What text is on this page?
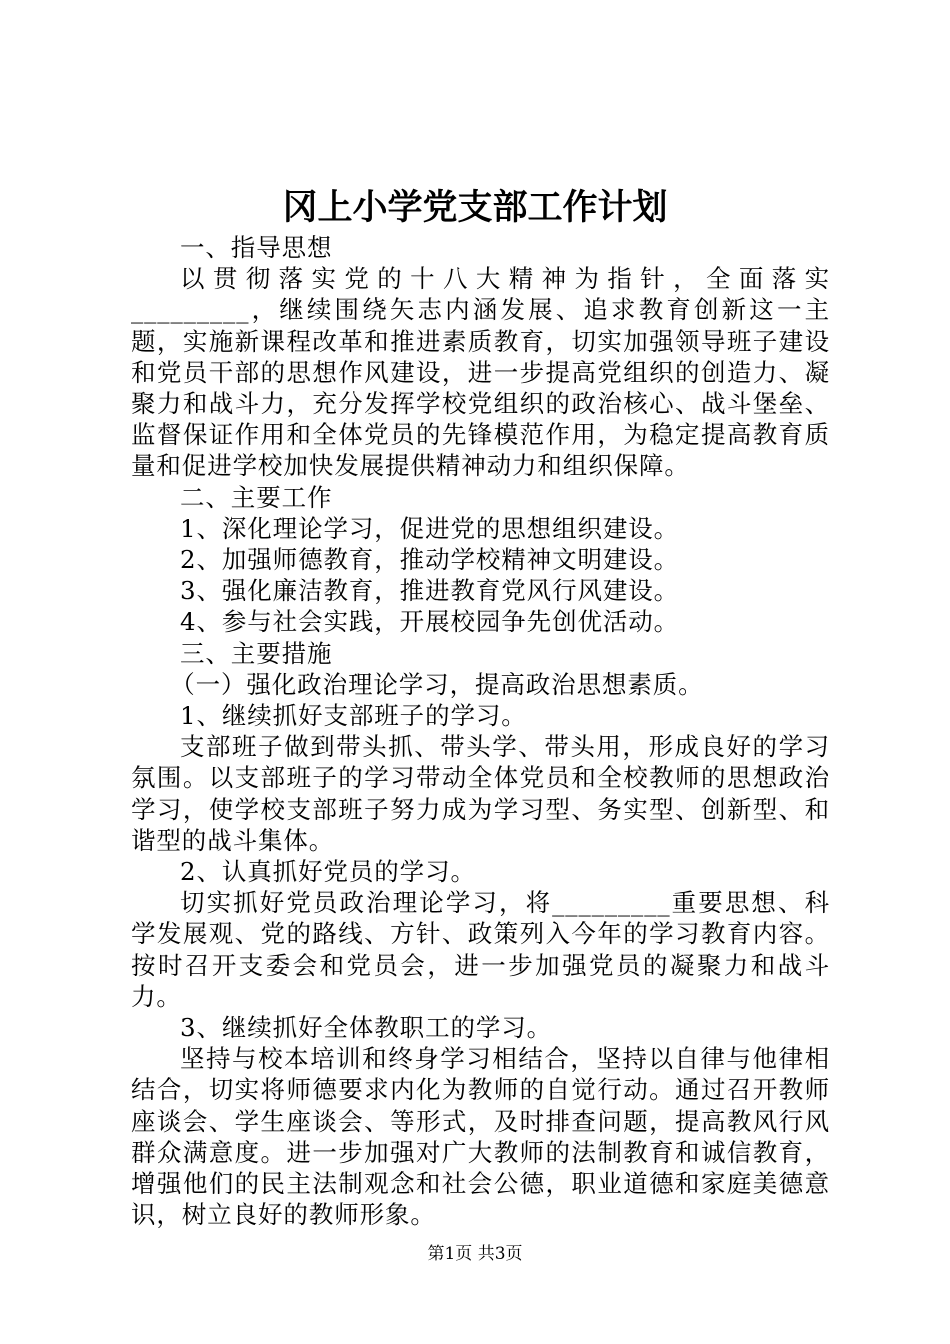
冈上小学党支部工作计划

一、指导思想

以贯彻落实党的十八大精神为指针，全面落实_________，继续围绕矢志内涵发展、追求教育创新这一主题，实施新课程改革和推进素质教育，切实加强领导班子建设和党员干部的思想作风建设，进一步提高党组织的创造力、凝聚力和战斗力，充分发挥学校党组织的政治核心、战斗堡垒、监督保证作用和全体党员的先锋模范作用，为稳定提高教育质量和促进学校加快发展提供精神动力和组织保障。

二、主要工作

1、深化理论学习，促进党的思想组织建设。

2、加强师德教育，推动学校精神文明建设。

3、强化廉洁教育，推进教育党风行风建设。

4、参与社会实践，开展校园争先创优活动。

三、主要措施

（一）强化政治理论学习，提高政治思想素质。

1、继续抓好支部班子的学习。

支部班子做到带头抓、带头学、带头用，形成良好的学习氛围。以支部班子的学习带动全体党员和全校教师的思想政治学习，使学校支部班子努力成为学习型、务实型、创新型、和谐型的战斗集体。

2、认真抓好党员的学习。

切实抓好党员政治理论学习，将_________重要思想、科学发展观、党的路线、方针、政策列入今年的学习教育内容。按时召开支委会和党员会，进一步加强党员的凝聚力和战斗力。

3、继续抓好全体教职工的学习。

坚持与校本培训和终身学习相结合，坚持以自律与他律相结合，切实将师德要求内化为教师的自觉行动。通过召开教师座谈会、学生座谈会、等形式，及时排查问题，提高教风行风群众满意度。进一步加强对广大教师的法制教育和诚信教育，增强他们的民主法制观念和社会公德，职业道德和家庭美德意识，树立良好的教师形象。

第1页 共3页
